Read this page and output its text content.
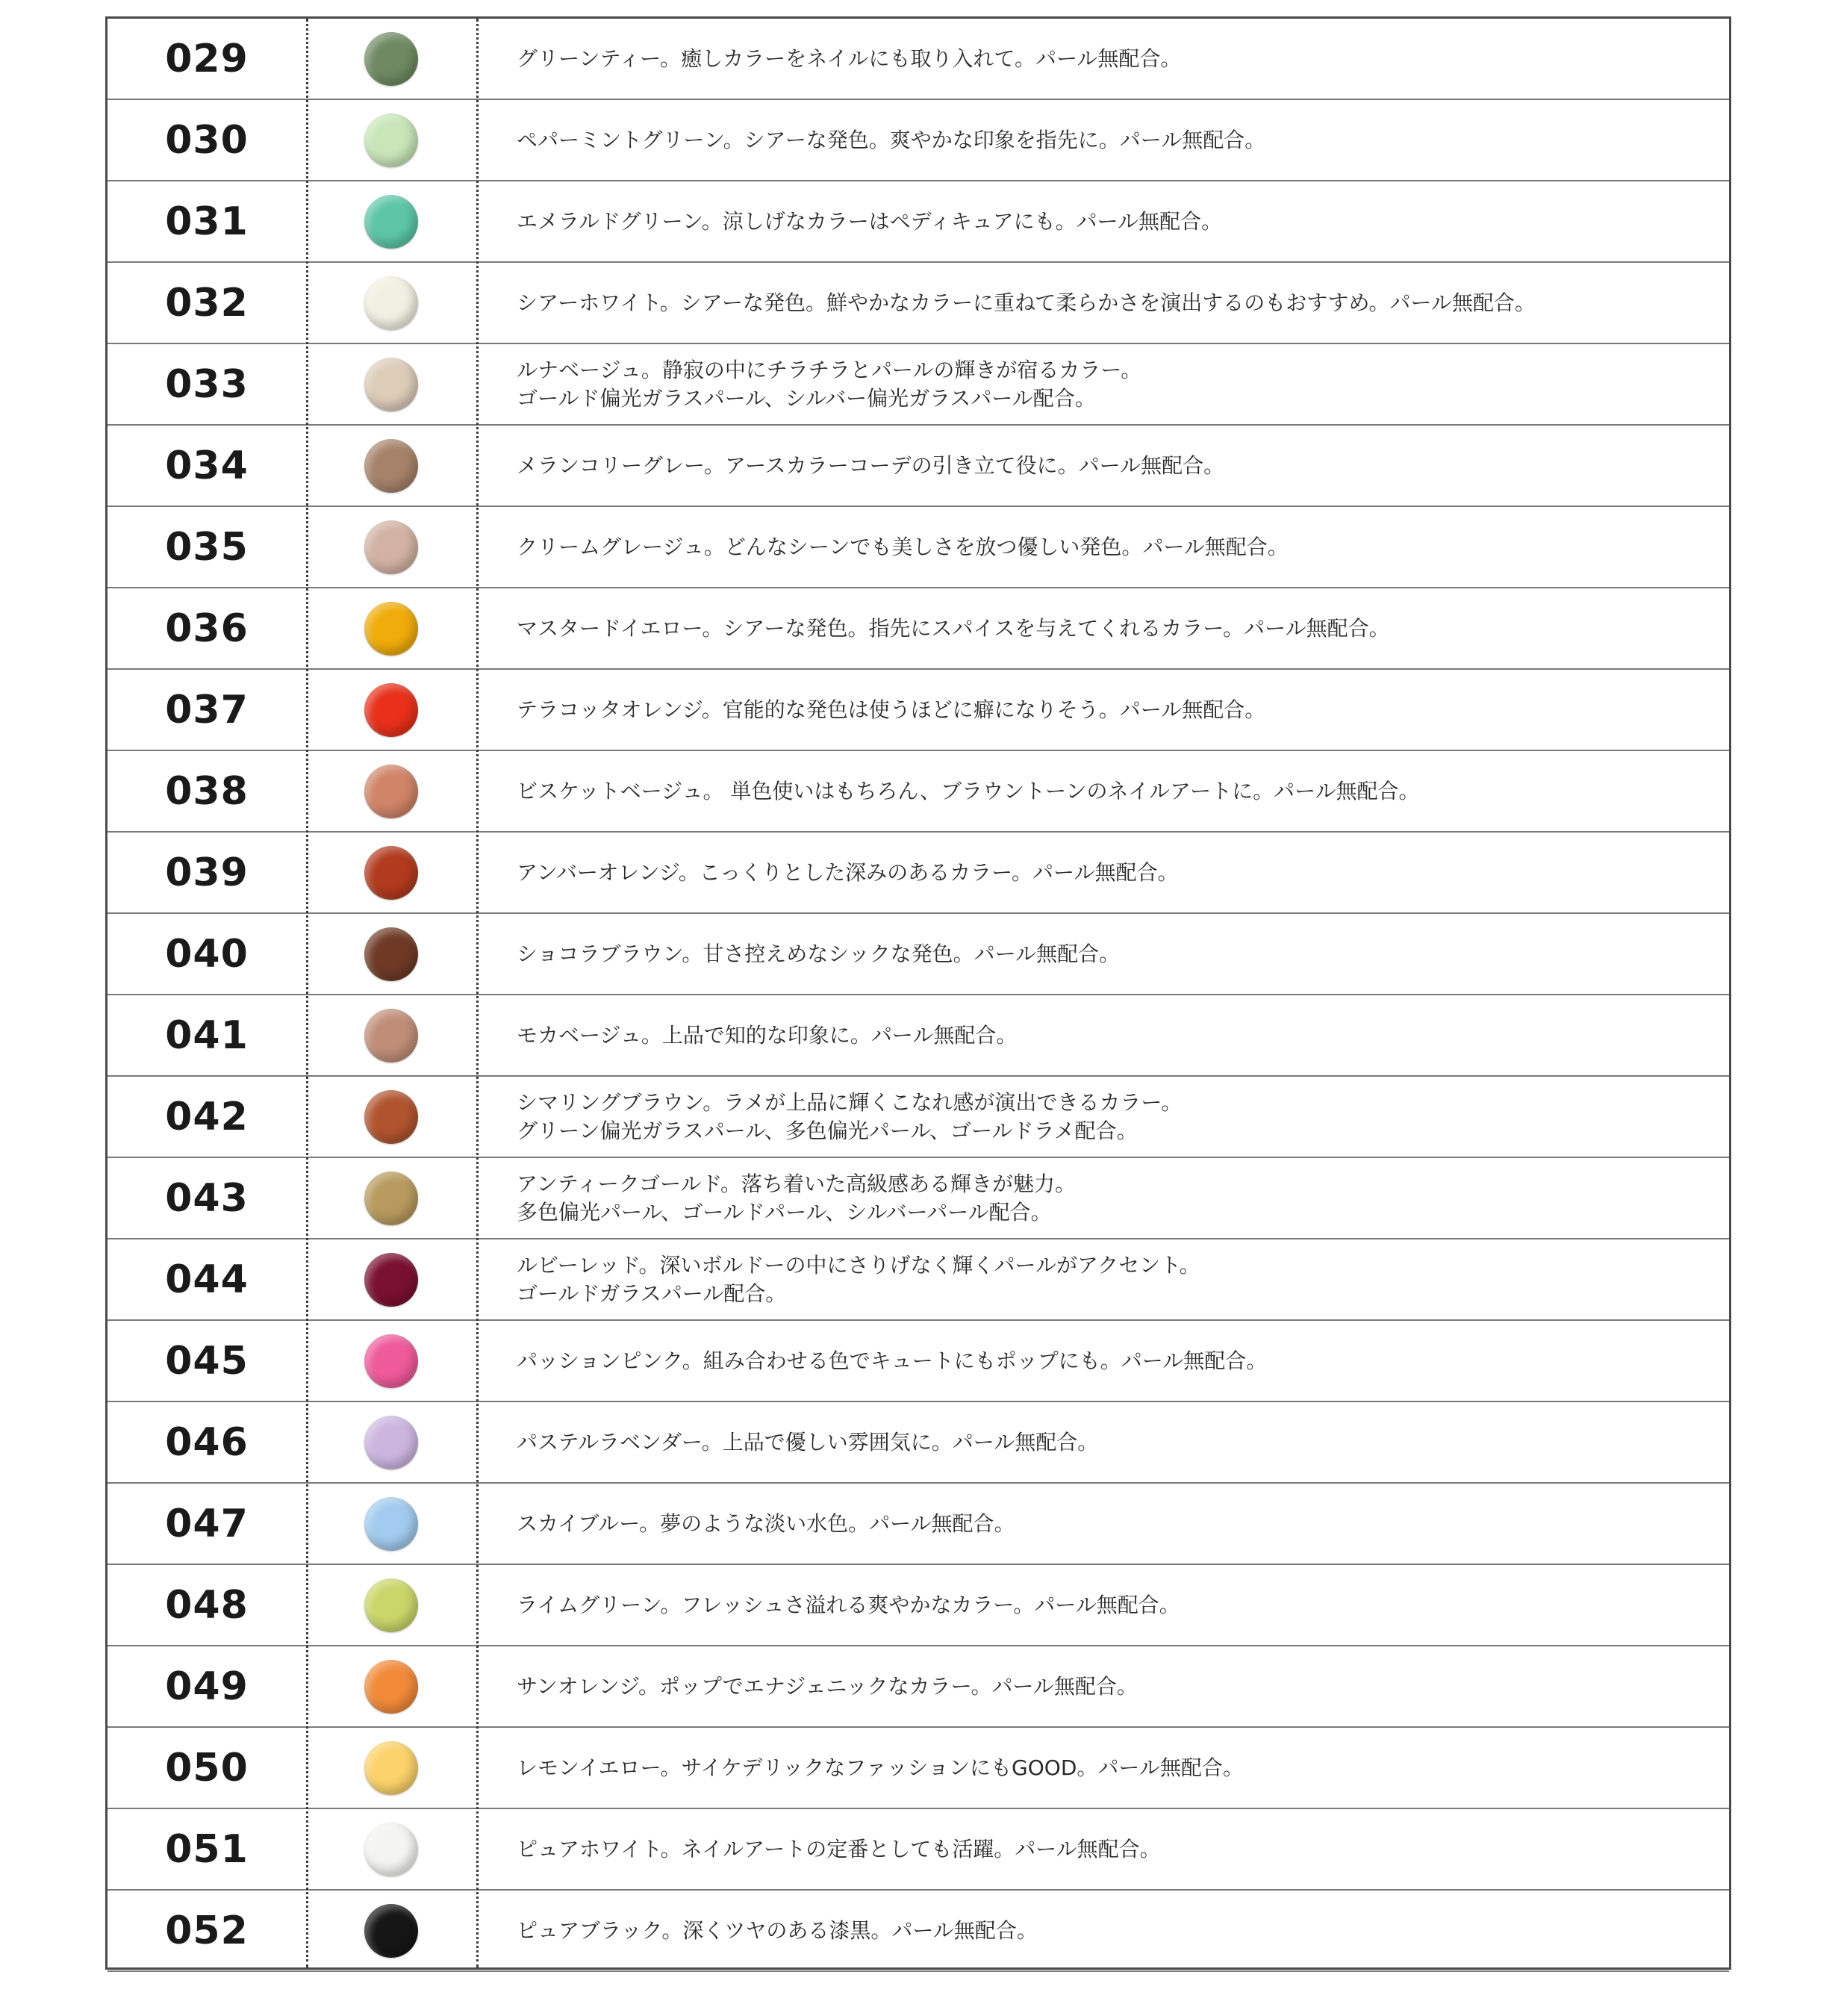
052	ピュアブラック。深くツヤのある漆黒。パール無配合。
051	ピュアホワイト。ネイルアートの定番としても活躍。パール無配合。
050	レモンイエロー。サイケデリックなファッションにもGOOD。パール無配合。
049	サンオレンジ。ポップでエナジェニックなカラー。パール無配合。
048	ライムグリーン。フレッシュさ溢れる爽やかなカラー。パール無配合。
047	スカイブルー。夢のような淡い水色。パール無配合。
046	パステルラベンダー。上品で優しい雰囲気に。パール無配合。
045	パッションピンク。組み合わせる色でキュートにもポップにも。パール無配合。
044	ルビーレッド。深いボルドーの中にさりげなく輝くパールがアクセント。
ゴールドガラスパール配合。
043	アンティークゴールド。落ち着いた高級感ある輝きが魅力。
多色偏光パール、ゴールドパール、シルバーパール配合。
042	シマリングブラウン。ラメが上品に輝くこなれ感が演出できるカラー。
グリーン偏光ガラスパール、多色偏光パール、ゴールドラメ配合。
041	モカベージュ。上品で知的な印象に。パール無配合。
040	ショコラブラウン。甘さ控えめなシックな発色。パール無配合。
039	アンバーオレンジ。こっくりとした深みのあるカラー。パール無配合。
038	ビスケットベージュ。 単色使いはもちろん、ブラウントーンのネイルアートに。パール無配合。
037	テラコッタオレンジ。官能的な発色は使うほどに癖になりそう。パール無配合。
036	マスタードイエロー。シアーな発色。指先にスパイスを与えてくれるカラー。パール無配合。
035	クリームグレージュ。どんなシーンでも美しさを放つ優しい発色。パール無配合。
034	メランコリーグレー。アースカラーコーデの引き立て役に。パール無配合。
033	ルナベージュ。静寂の中にチラチラとパールの輝きが宿るカラー。
ゴールド偏光ガラスパール、シルバー偏光ガラスパール配合。
032	シアーホワイト。シアーな発色。鮮やかなカラーに重ねて柔らかさを演出するのもおすすめ。パール無配合。
031	エメラルドグリーン。涼しげなカラーはペディキュアにも。パール無配合。
030	ペパーミントグリーン。シアーな発色。爽やかな印象を指先に。パール無配合。
029	グリーンティー。癒しカラーをネイルにも取り入れて。パール無配合。
